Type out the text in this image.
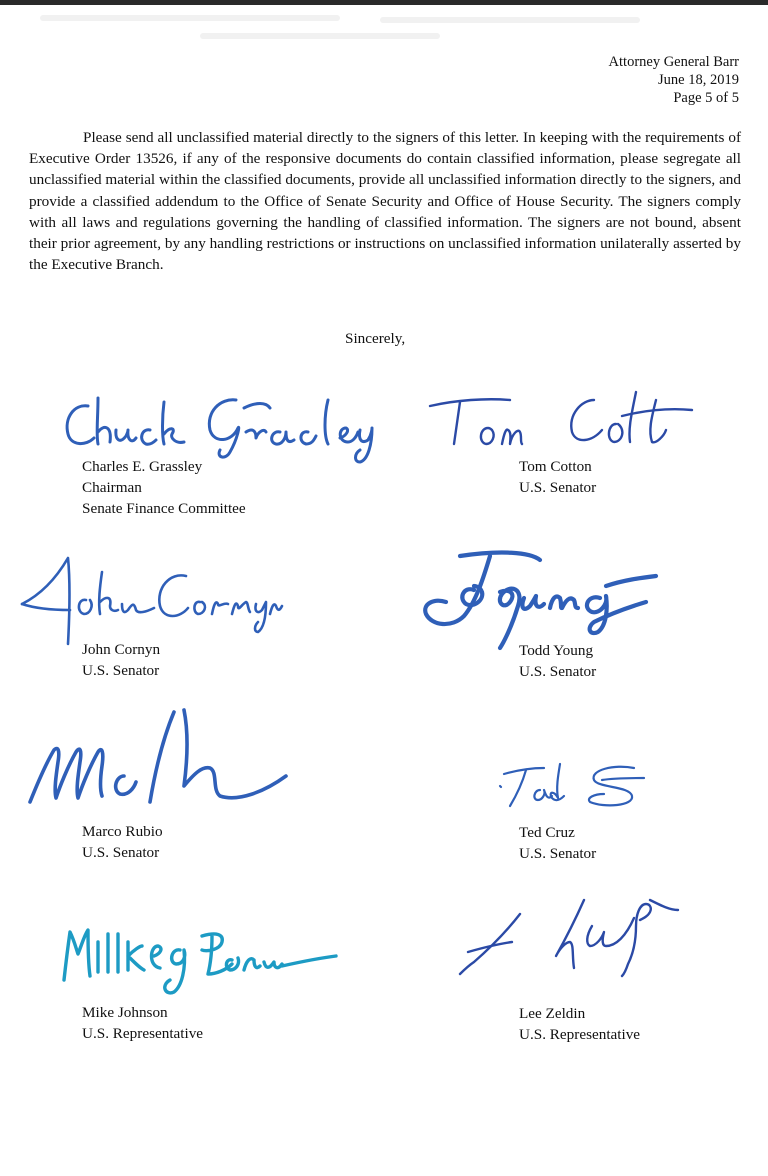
Attorney General Barr
June 18, 2019
Page 5 of 5

Please send all unclassified material directly to the signers of this letter. In keeping with the requirements of Executive Order 13526, if any of the responsive documents do contain classified information, please segregate all unclassified material within the classified documents, provide all unclassified information directly to the signers, and provide a classified addendum to the Office of Senate Security and Office of House Security. The signers comply with all laws and regulations governing the handling of classified information. The signers are not bound, absent their prior agreement, by any handling restrictions or instructions on unclassified information unilaterally asserted by the Executive Branch.

Sincerely,

Charles E. Grassley
Chairman
Senate Finance Committee
Tom Cotton
U.S. Senator
John Cornyn
U.S. Senator
Todd Young
U.S. Senator
Marco Rubio
U.S. Senator
Ted Cruz
U.S. Senator
Mike Johnson
U.S. Representative
Lee Zeldin
U.S. Representative
